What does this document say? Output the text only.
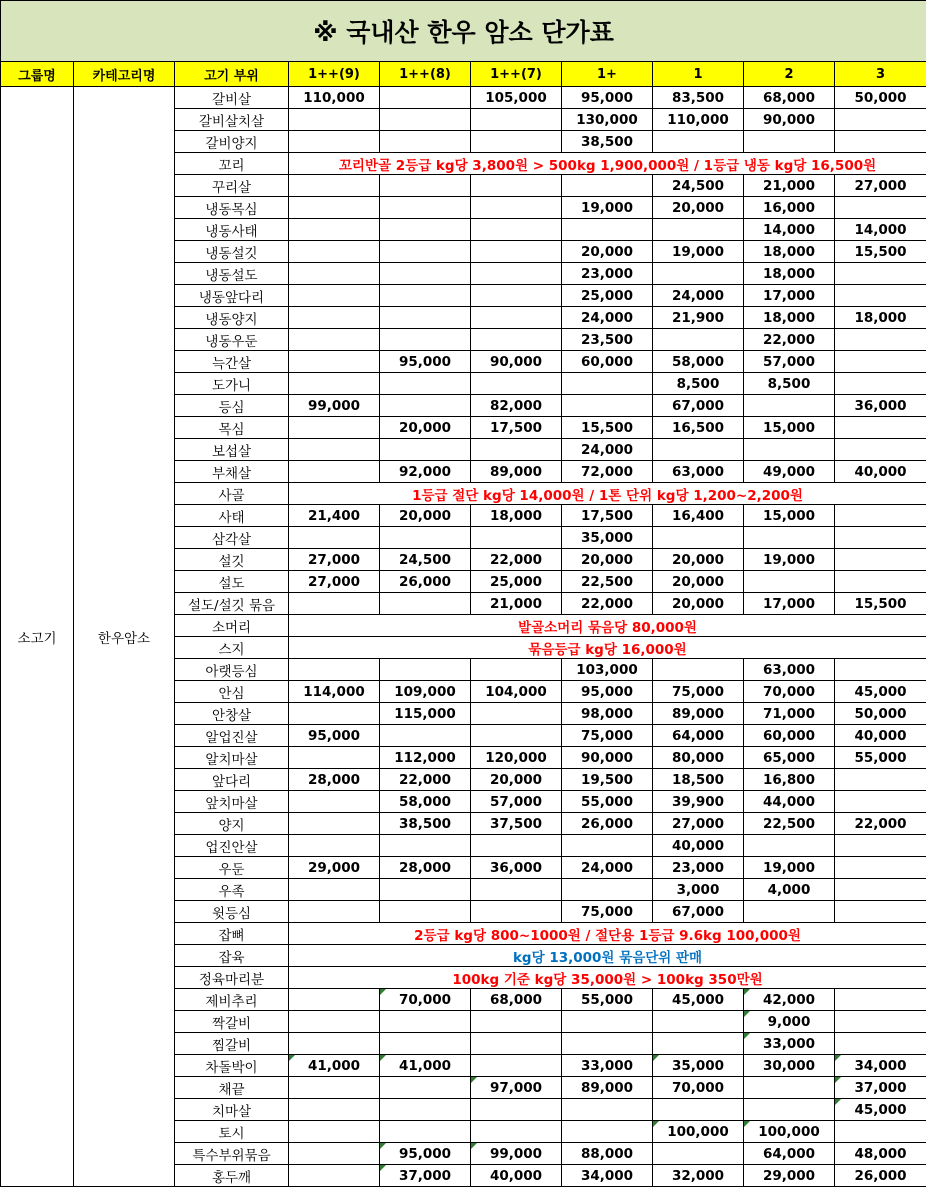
※ 국내산 한우 암소 단가표									
그룹명	카테고리명	고기 부위	1++(9)	1++(8)	1++(7)	1+	1	2	3
소고기	한우암소	갈비살	110,000		105,000	95,000	83,500	68,000	50,000
		갈비살치살				130,000	110,000	90,000	
		갈비양지				38,500			
		꼬리	꼬리반골 2등급 kg당 3,800원 > 500kg 1,900,000원 / 1등급 냉동 kg당 16,500원						
		꾸리살					24,500	21,000	27,000
		냉동목심				19,000	20,000	16,000	
		냉동사태						14,000	14,000
		냉동설깃				20,000	19,000	18,000	15,500
		냉동설도				23,000		18,000	
		냉동앞다리				25,000	24,000	17,000	
		냉동양지				24,000	21,900	18,000	18,000
		냉동우둔				23,500		22,000	
		늑간살		95,000	90,000	60,000	58,000	57,000	
		도가니					8,500	8,500	
		등심	99,000		82,000		67,000		36,000
		목심		20,000	17,500	15,500	16,500	15,000	
		보섭살				24,000			
		부채살		92,000	89,000	72,000	63,000	49,000	40,000
		사골	1등급 절단 kg당 14,000원 / 1톤 단위 kg당 1,200~2,200원						
		사태	21,400	20,000	18,000	17,500	16,400	15,000	
		삼각살				35,000			
		설깃	27,000	24,500	22,000	20,000	20,000	19,000	
		설도	27,000	26,000	25,000	22,500	20,000		
		설도/설깃 묶음			21,000	22,000	20,000	17,000	15,500
		소머리	발골소머리 묶음당 80,000원						
		스지	묶음등급 kg당 16,000원						
		아랫등심				103,000		63,000	
		안심	114,000	109,000	104,000	95,000	75,000	70,000	45,000
		안창살		115,000		98,000	89,000	71,000	50,000
		알업진살	95,000			75,000	64,000	60,000	40,000
		알치마살		112,000	120,000	90,000	80,000	65,000	55,000
		앞다리	28,000	22,000	20,000	19,500	18,500	16,800	
		앞치마살		58,000	57,000	55,000	39,900	44,000	
		양지		38,500	37,500	26,000	27,000	22,500	22,000
		업진안살					40,000		
		우둔	29,000	28,000	36,000	24,000	23,000	19,000	
		우족					3,000	4,000	
		윗등심				75,000	67,000		
		잡뼈	2등급 kg당 800~1000원 / 절단용 1등급 9.6kg 100,000원						
		잡육	kg당 13,000원 묶음단위 판매						
		정육마리분	100kg 기준 kg당 35,000원 > 100kg 350만원						
		제비추리		70,000	68,000	55,000	45,000	42,000	
		짝갈비						9,000	
		찜갈비						33,000	
		차돌박이	41,000	41,000		33,000	35,000	30,000	34,000
		채끝			97,000	89,000	70,000		37,000
		치마살							45,000
		토시					100,000	100,000	
		특수부위묶음		95,000	99,000	88,000		64,000	48,000
		홍두깨		37,000	40,000	34,000	32,000	29,000	26,000
